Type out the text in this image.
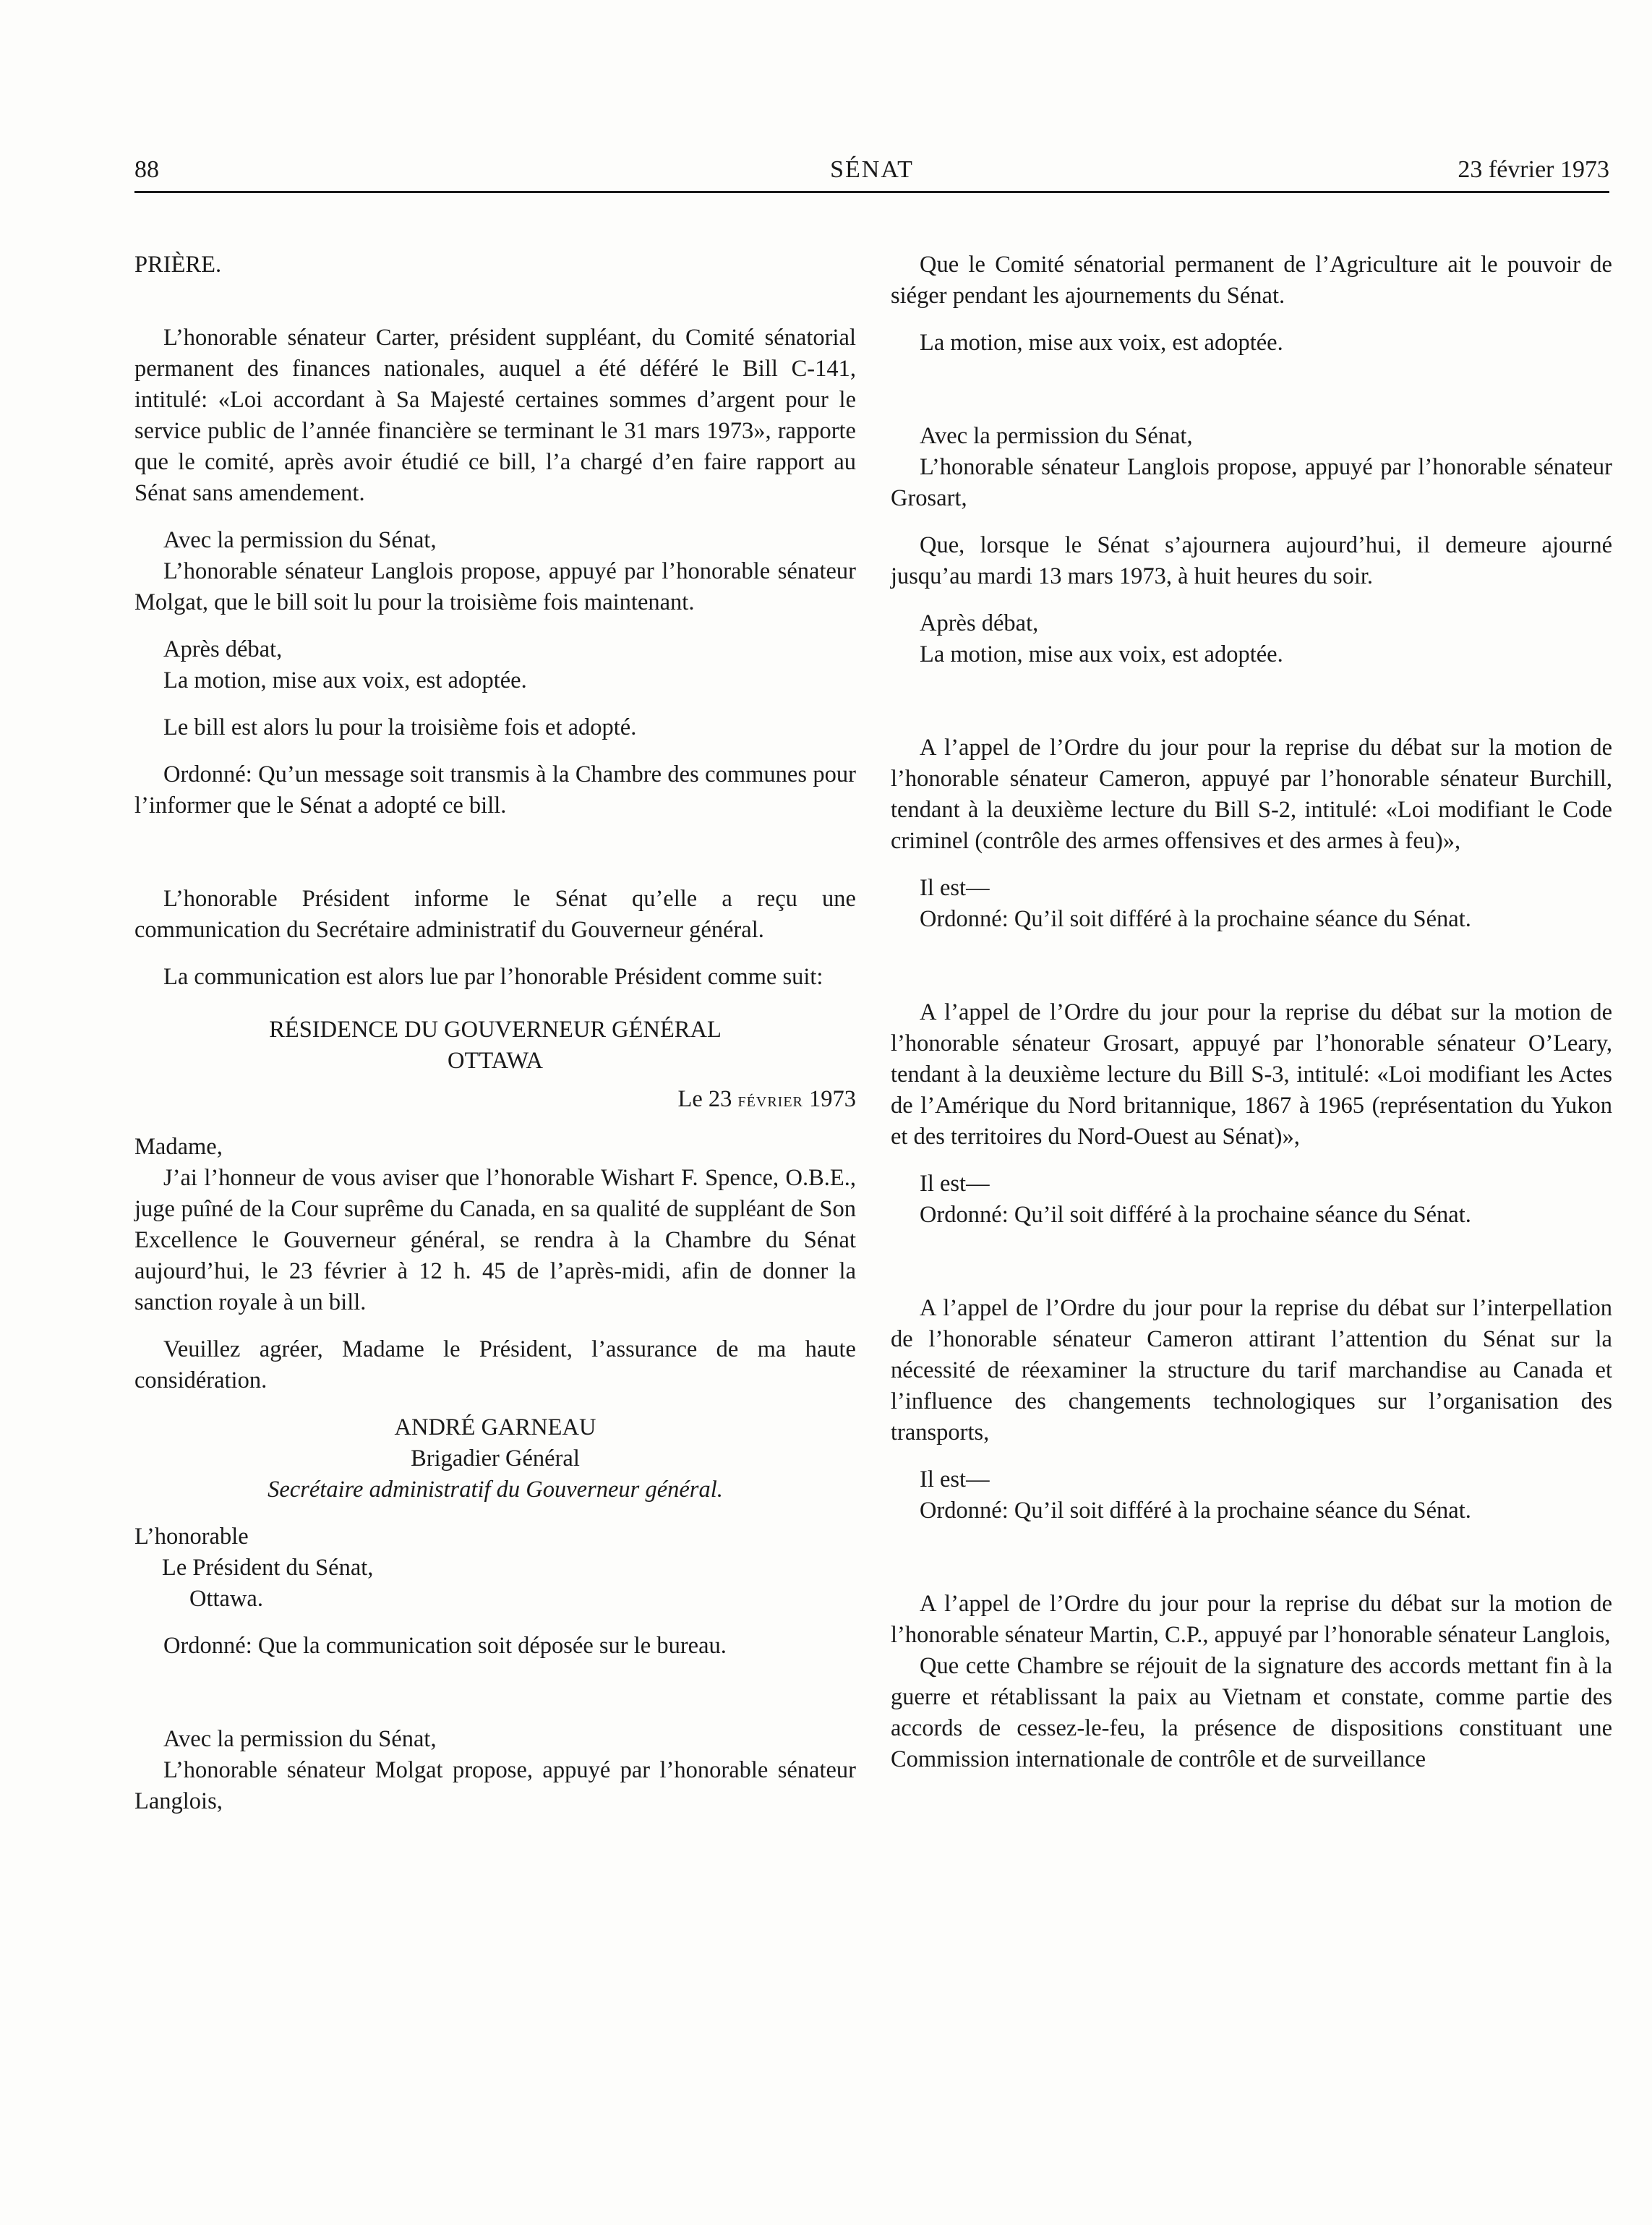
88	SÉNAT	23 février 1973

PRIÈRE.

L’honorable sénateur Carter, président suppléant, du Comité sénatorial permanent des finances nationales, auquel a été déféré le Bill C-141, intitulé: «Loi accordant à Sa Majesté certaines sommes d’argent pour le service public de l’année financière se terminant le 31 mars 1973», rapporte que le comité, après avoir étudié ce bill, l’a chargé d’en faire rapport au Sénat sans amendement.

Avec la permission du Sénat,

L’honorable sénateur Langlois propose, appuyé par l’honorable sénateur Molgat, que le bill soit lu pour la troisième fois maintenant.

Après débat,

La motion, mise aux voix, est adoptée.

Le bill est alors lu pour la troisième fois et adopté.

Ordonné: Qu’un message soit transmis à la Chambre des communes pour l’informer que le Sénat a adopté ce bill.

L’honorable Président informe le Sénat qu’elle a reçu une communication du Secrétaire administratif du Gouverneur général.

La communication est alors lue par l’honorable Président comme suit:

RÉSIDENCE DU GOUVERNEUR GÉNÉRAL

OTTAWA

Le 23 février 1973

Madame,

J’ai l’honneur de vous aviser que l’honorable Wishart F. Spence, O.B.E., juge puîné de la Cour suprême du Canada, en sa qualité de suppléant de Son Excellence le Gouverneur général, se rendra à la Chambre du Sénat aujourd’hui, le 23 février à 12 h. 45 de l’après-midi, afin de donner la sanction royale à un bill.

Veuillez agréer, Madame le Président, l’assurance de ma haute considération.

ANDRÉ GARNEAU

Brigadier Général

Secrétaire administratif du Gouverneur général.

L’honorable

Le Président du Sénat,

Ottawa.

Ordonné: Que la communication soit déposée sur le bureau.

Avec la permission du Sénat,

L’honorable sénateur Molgat propose, appuyé par l’honorable sénateur Langlois,

Que le Comité sénatorial permanent de l’Agriculture ait le pouvoir de siéger pendant les ajournements du Sénat.

La motion, mise aux voix, est adoptée.

Avec la permission du Sénat,

L’honorable sénateur Langlois propose, appuyé par l’honorable sénateur Grosart,

Que, lorsque le Sénat s’ajournera aujourd’hui, il demeure ajourné jusqu’au mardi 13 mars 1973, à huit heures du soir.

Après débat,

La motion, mise aux voix, est adoptée.

A l’appel de l’Ordre du jour pour la reprise du débat sur la motion de l’honorable sénateur Cameron, appuyé par l’honorable sénateur Burchill, tendant à la deuxième lecture du Bill S-2, intitulé: «Loi modifiant le Code criminel (contrôle des armes offensives et des armes à feu)»,

Il est—

Ordonné: Qu’il soit différé à la prochaine séance du Sénat.

A l’appel de l’Ordre du jour pour la reprise du débat sur la motion de l’honorable sénateur Grosart, appuyé par l’honorable sénateur O’Leary, tendant à la deuxième lecture du Bill S-3, intitulé: «Loi modifiant les Actes de l’Amérique du Nord britannique, 1867 à 1965 (représentation du Yukon et des territoires du Nord-Ouest au Sénat)»,

Il est—

Ordonné: Qu’il soit différé à la prochaine séance du Sénat.

A l’appel de l’Ordre du jour pour la reprise du débat sur l’interpellation de l’honorable sénateur Cameron attirant l’attention du Sénat sur la nécessité de réexaminer la structure du tarif marchandise au Canada et l’influence des changements technologiques sur l’organisation des transports,

Il est—

Ordonné: Qu’il soit différé à la prochaine séance du Sénat.

A l’appel de l’Ordre du jour pour la reprise du débat sur la motion de l’honorable sénateur Martin, C.P., appuyé par l’honorable sénateur Langlois,

Que cette Chambre se réjouit de la signature des accords mettant fin à la guerre et rétablissant la paix au Vietnam et constate, comme partie des accords de cessez-le-feu, la présence de dispositions constituant une Commission internationale de contrôle et de surveillance
